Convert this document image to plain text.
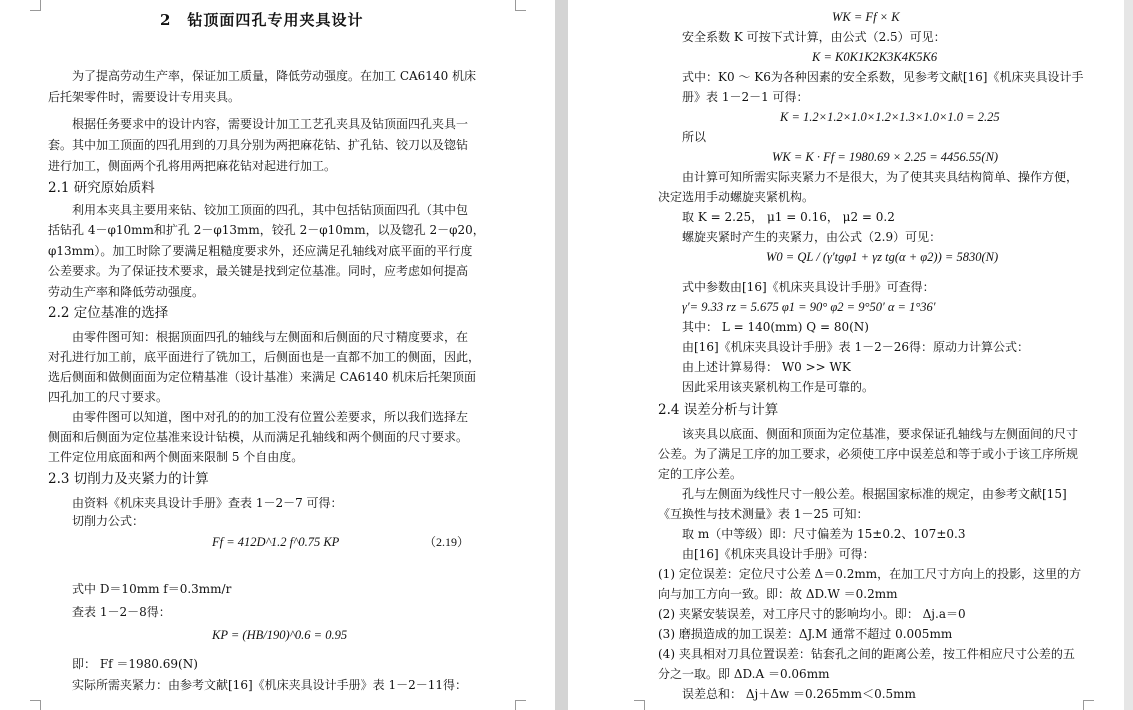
2　钻顶面四孔专用夹具设计
为了提高劳动生产率，保证加工质量，降低劳动强度。在加工 CA6140 机床
后托架零件时，需要设计专用夹具。
根据任务要求中的设计内容，需要设计加工工艺孔夹具及钻顶面四孔夹具一
套。其中加工顶面的四孔用到的刀具分别为两把麻花钻、扩孔钻、铰刀以及锪钻
进行加工，侧面两个孔将用两把麻花钻对起进行加工。
2.1 研究原始质料
利用本夹具主要用来钻、铰加工顶面的四孔，其中包括钻顶面四孔（其中包
括钻孔 4－φ10mm和扩孔 2－φ13mm，铰孔 2－φ10mm，以及锪孔 2－φ20，
φ13mm）。加工时除了要满足粗糙度要求外，还应满足孔轴线对底平面的平行度
公差要求。为了保证技术要求，最关键是找到定位基准。同时，应考虑如何提高
劳动生产率和降低劳动强度。
2.2 定位基准的选择
由零件图可知：根据顶面四孔的轴线与左侧面和后侧面的尺寸精度要求，在
对孔进行加工前，底平面进行了铣加工，后侧面也是一直都不加工的侧面，因此，
选后侧面和做侧面面为定位精基准（设计基准）来满足 CA6140 机床后托架顶面
四孔加工的尺寸要求。
由零件图可以知道，图中对孔的的加工没有位置公差要求，所以我们选择左
侧面和后侧面为定位基准来设计钻模，从而满足孔轴线和两个侧面的尺寸要求。
工件定位用底面和两个侧面来限制 5 个自由度。
2.3 切削力及夹紧力的计算
由资料《机床夹具设计手册》查表 1－2－7 可得：
切削力公式：
Ff = 412D^1.2 f^0.75 KP	（2.19）
式中 D＝10mm f＝0.3mm/r
查表 1－2－8得：
KP = (HB/190)^0.6 = 0.95
即： Ff ＝1980.69(N)
实际所需夹紧力：由参考文献[16]《机床夹具设计手册》表 1－2－11得：
WK = Ff × K
安全系数 K 可按下式计算，由公式（2.5）可见：
K = K0K1K2K3K4K5K6
式中：K0 ～ K6为各种因素的安全系数，见参考文献[16]《机床夹具设计手
册》表 1－2－1 可得：
K = 1.2×1.2×1.0×1.2×1.3×1.0×1.0 = 2.25
所以
WK = K · Ff = 1980.69 × 2.25 = 4456.55(N)
由计算可知所需实际夹紧力不是很大，为了使其夹具结构简单、操作方便，
决定选用手动螺旋夹紧机构。
取 K = 2.25， μ1 = 0.16， μ2 = 0.2
螺旋夹紧时产生的夹紧力，由公式（2.9）可见：
W0 = QL / (γ′tgφ1 + γz tg(α + φ2)) = 5830(N)
式中参数由[16]《机床夹具设计手册》可查得：
γ′= 9.33 rz = 5.675 φ1 = 90° φ2 = 9°50′ α = 1°36′
其中： L = 140(mm) Q = 80(N)
由[16]《机床夹具设计手册》表 1－2－26得：原动力计算公式：
由上述计算易得： W0 >> WK
因此采用该夹紧机构工作是可靠的。
2.4 误差分析与计算
该夹具以底面、侧面和顶面为定位基准，要求保证孔轴线与左侧面间的尺寸
公差。为了满足工序的加工要求，必须使工序中误差总和等于或小于该工序所规
定的工序公差。
孔与左侧面为线性尺寸一般公差。根据国家标准的规定，由参考文献[15]
《互换性与技术测量》表 1－25 可知：
取 m（中等级）即：尺寸偏差为 15±0.2、107±0.3
由[16]《机床夹具设计手册》可得：
(1) 定位误差：定位尺寸公差 Δ＝0.2mm，在加工尺寸方向上的投影，这里的方
向与加工方向一致。即：故 ΔD.W ＝0.2mm
(2) 夹紧安装误差，对工序尺寸的影响均小。即： Δj.a＝0
(3) 磨损造成的加工误差：ΔJ.M 通常不超过 0.005mm
(4) 夹具相对刀具位置误差：钻套孔之间的距离公差，按工件相应尺寸公差的五
分之一取。即 ΔD.A ＝0.06mm
误差总和： Δj＋Δw ＝0.265mm＜0.5mm
